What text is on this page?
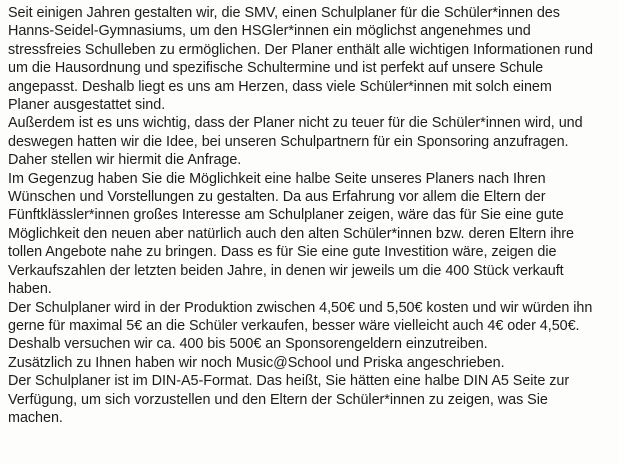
Seit einigen Jahren gestalten wir, die SMV, einen Schulplaner für die Schüler*innen des
Hanns-Seidel-Gymnasiums, um den HSGler*innen ein möglichst angenehmes und
stressfreies Schulleben zu ermöglichen. Der Planer enthält alle wichtigen Informationen rund
um die Hausordnung und spezifische Schultermine und ist perfekt auf unsere Schule
angepasst. Deshalb liegt es uns am Herzen, dass viele Schüler*innen mit solch einem
Planer ausgestattet sind.
Außerdem ist es uns wichtig, dass der Planer nicht zu teuer für die Schüler*innen wird, und
deswegen hatten wir die Idee, bei unseren Schulpartnern für ein Sponsoring anzufragen.
Daher stellen wir hiermit die Anfrage.
Im Gegenzug haben Sie die Möglichkeit eine halbe Seite unseres Planers nach Ihren
Wünschen und Vorstellungen zu gestalten. Da aus Erfahrung vor allem die Eltern der
Fünftklässler*innen großes Interesse am Schulplaner zeigen, wäre das für Sie eine gute
Möglichkeit den neuen aber natürlich auch den alten Schüler*innen bzw. deren Eltern ihre
tollen Angebote nahe zu bringen. Dass es für Sie eine gute Investition wäre, zeigen die
Verkaufszahlen der letzten beiden Jahre, in denen wir jeweils um die 400 Stück verkauft
haben.
Der Schulplaner wird in der Produktion zwischen 4,50€ und 5,50€ kosten und wir würden ihn
gerne für maximal 5€ an die Schüler verkaufen, besser wäre vielleicht auch 4€ oder 4,50€.
Deshalb versuchen wir ca. 400 bis 500€ an Sponsorengeldern einzutreiben.
Zusätzlich zu Ihnen haben wir noch Music@School und Priska angeschrieben.
Der Schulplaner ist im DIN-A5-Format. Das heißt, Sie hätten eine halbe DIN A5 Seite zur
Verfügung, um sich vorzustellen und den Eltern der Schüler*innen zu zeigen, was Sie
machen.
